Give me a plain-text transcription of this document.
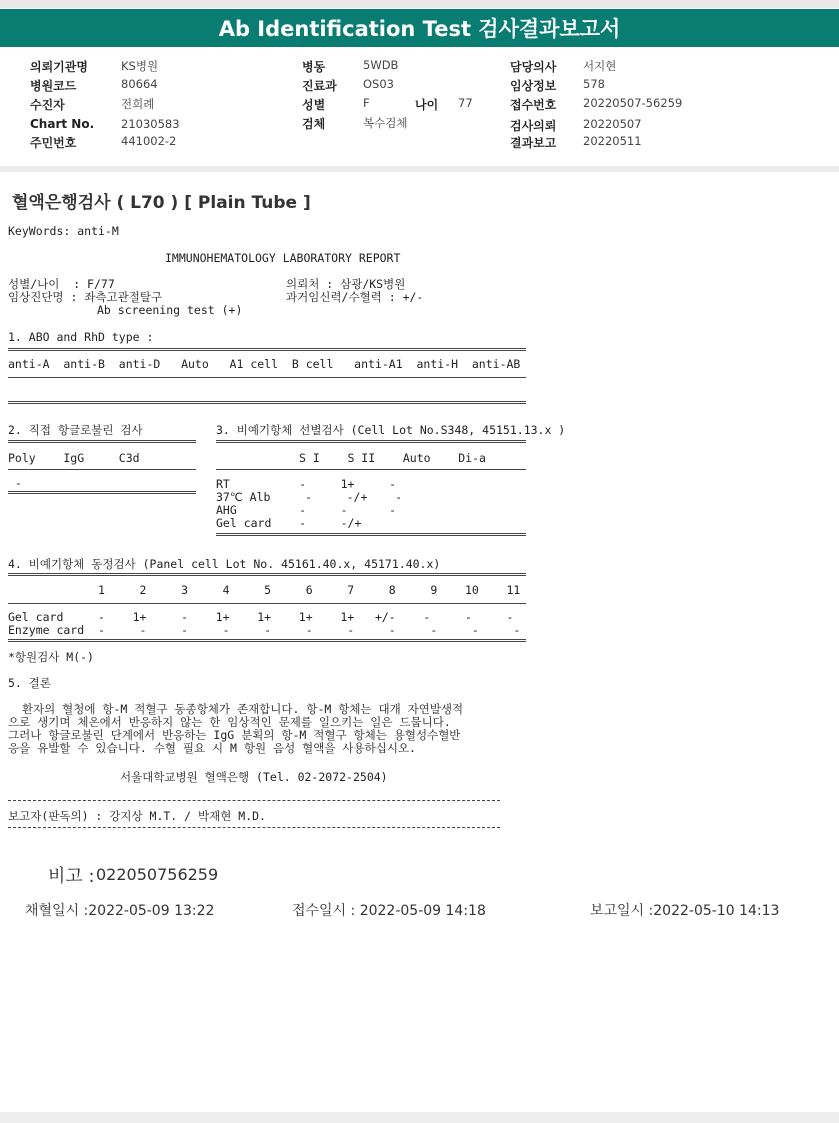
Ab Identification Test 검사결과보고서
의뢰기관명	KS병원
병원코드	80664
수진자	전희례
Chart No. 21030583
주민번호	441002-2
병동	5WDB
진료과 OS03
성별	F	나이 77
검체	복수검체
담당의사 서지현
임상정보 578
접수번호 20220507-56259
검사의뢰 20220507
결과보고 20220511
혈액은행검사 ( L70 ) [ Plain Tube ]
KeyWords: anti-M
IMMUNOHEMATOLOGY LABORATORY REPORT
성별/나이  : F/77	의뢰처 : 삼광/KS병원
임상진단명 : 좌측고관절탈구	과거임신력/수혈력 : +/-
Ab screening test (+)
1. ABO and RhD type :
anti-A  anti-B  anti-D   Auto   A1 cell  B cell   anti-A1  anti-H  anti-AB
2. 직접 항글로불린 검사
Poly    IgG     C3d
-
3. 비예기항체 선별검사 (Cell Lot No.S348, 45151.13.x )
S I    S II    Auto    Di-a
RT          -     1+     -
37℃ Alb     -     -/+    -
AHG         -     -      -
Gel card    -     -/+
4. 비예기항체 동정검사 (Panel cell Lot No. 45161.40.x, 45171.40.x)
1     2     3     4     5     6     7     8     9    10    11
Gel card     -    1+     -    1+    1+    1+    1+   +/-    -     -     -
Enzyme card  -     -     -     -     -     -     -     -     -     -     -
*항원검사 M(-)
5. 결론
환자의 혈청에 항-M 적혈구 동종항체가 존재합니다. 항-M 항체는 대개 자연발생적
으로 생기며 체온에서 반응하지 않는 한 임상적인 문제를 일으키는 일은 드뭅니다.
그러나 항글로불린 단계에서 반응하는 IgG 분획의 항-M 적혈구 항체는 용혈성수혈반
응을 유발할 수 있습니다. 수혈 필요 시 M 항원 음성 혈액을 사용하십시오.
서울대학교병원 혈액은행 (Tel. 02-2072-2504)
보고자(판독의) : 강지상 M.T. / 박재현 M.D.
비고 : 022050756259
채혈일시 :2022-05-09 13:22	접수일시 : 2022-05-09 14:18	보고일시 :2022-05-10 14:13
